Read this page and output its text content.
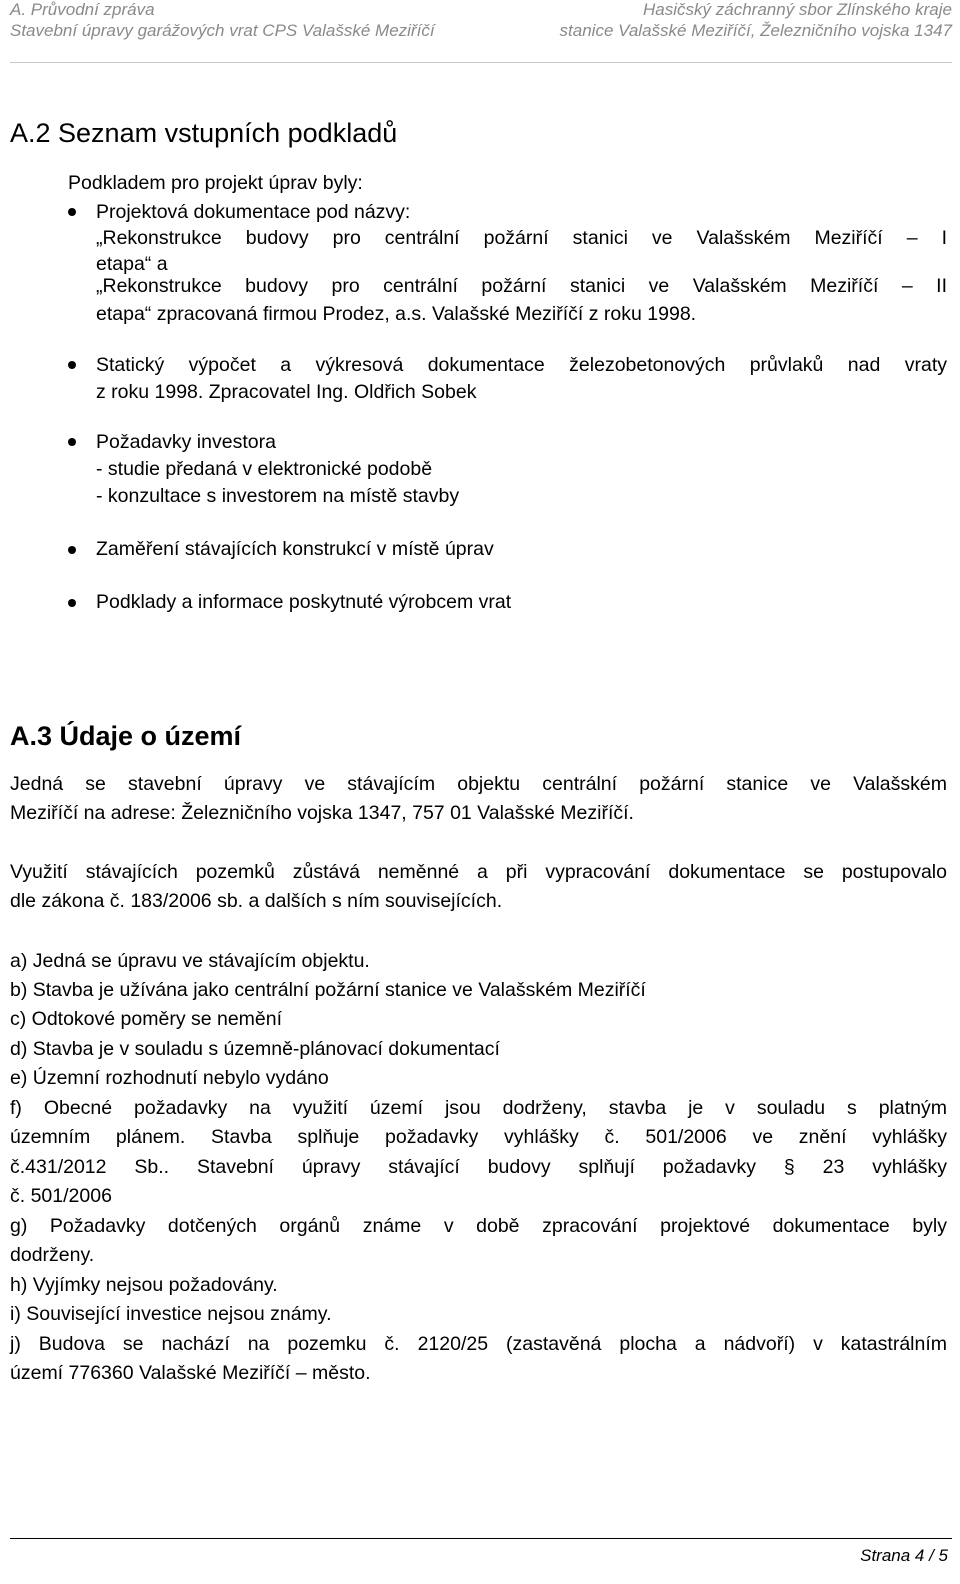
A. Průvodní zpráva	Hasičský záchranný sbor Zlínského kraje
Stavební úpravy garážových vrat CPS Valašské Meziříčí	stanice Valašské Meziříčí, Železničního vojska 1347
A.2 Seznam vstupních podkladů
Podkladem pro projekt úprav byly:
Projektová dokumentace pod názvy:
„Rekonstrukce budovy pro centrální požární stanici ve Valašském Meziříčí – I
etapa“ a
„Rekonstrukce budovy pro centrální požární stanici ve Valašském Meziříčí – II
etapa“ zpracovaná firmou Prodez, a.s. Valašské Meziříčí z roku 1998.
Statický výpočet a výkresová dokumentace železobetonových průvlaků nad vraty
z roku 1998. Zpracovatel Ing. Oldřich Sobek
Požadavky investora
- studie předaná v elektronické podobě
- konzultace s investorem na místě stavby
Zaměření stávajících konstrukcí v místě úprav
Podklady a informace poskytnuté výrobcem vrat
A.3 Údaje o území
Jedná se stavební úpravy ve stávajícím objektu centrální požární stanice ve Valašském
Meziříčí na adrese: Železničního vojska 1347, 757 01 Valašské Meziříčí.
Využití stávajících pozemků zůstává neměnné a při vypracování dokumentace se postupovalo
dle zákona č. 183/2006 sb. a dalších s ním souvisejících.
a) Jedná se úpravu ve stávajícím objektu.
b) Stavba je užívána jako centrální požární stanice ve Valašském Meziříčí
c) Odtokové poměry se nemění
d) Stavba je v souladu s územně-plánovací dokumentací
e) Územní rozhodnutí nebylo vydáno
f) Obecné požadavky na využití území jsou dodrženy, stavba je v souladu s platným
územním plánem. Stavba splňuje požadavky vyhlášky č. 501/2006 ve znění vyhlášky
č.431/2012 Sb.. Stavební úpravy stávající budovy splňují požadavky § 23 vyhlášky
č. 501/2006
g) Požadavky dotčených orgánů známe v době zpracování projektové dokumentace byly
dodrženy.
h) Vyjímky nejsou požadovány.
i) Související investice nejsou známy.
j) Budova se nachází na pozemku č. 2120/25 (zastavěná plocha a nádvoří) v katastrálním
území 776360 Valašské Meziříčí – město.
Strana 4 / 5
